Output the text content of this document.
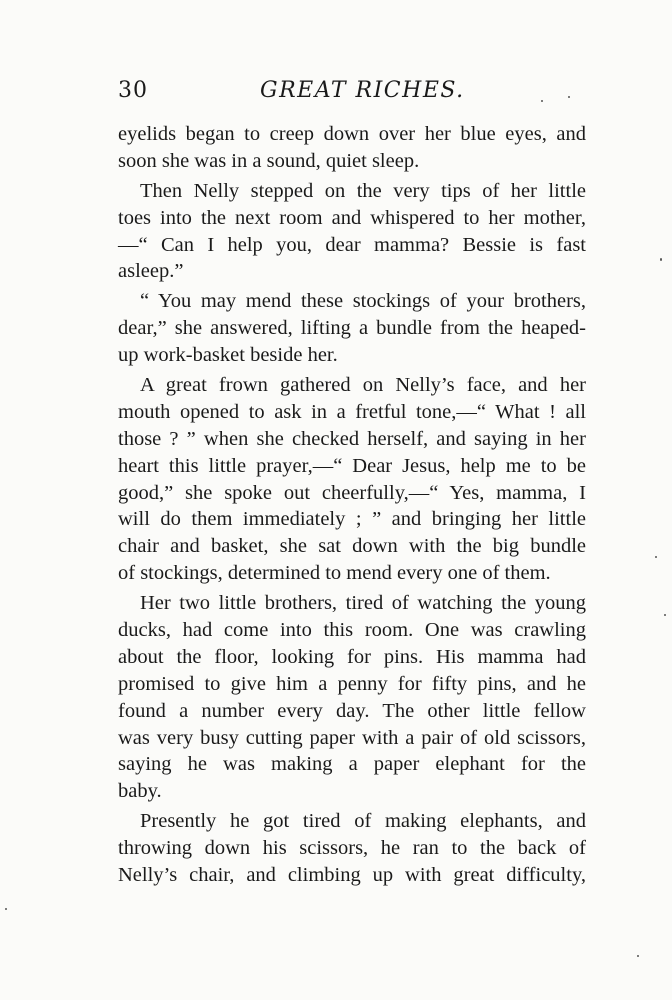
30	GREAT RICHES.
eyelids began to creep down over her blue eyes, and
soon she was in a sound, quiet sleep.
Then Nelly stepped on the very tips of her little
toes into the next room and whispered to her mother,
—“ Can I help you, dear mamma? Bessie is fast
asleep.”
“ You may mend these stockings of your brothers,
dear,” she answered, lifting a bundle from the heaped-
up work-basket beside her.
A great frown gathered on Nelly’s face, and her
mouth opened to ask in a fretful tone,—“ What ! all
those ? ” when she checked herself, and saying in her
heart this little prayer,—“ Dear Jesus, help me to be
good,” she spoke out cheerfully,—“ Yes, mamma, I
will do them immediately ; ” and bringing her little
chair and basket, she sat down with the big bundle
of stockings, determined to mend every one of them.
Her two little brothers, tired of watching the young
ducks, had come into this room. One was crawling
about the floor, looking for pins. His mamma had
promised to give him a penny for fifty pins, and he
found a number every day. The other little fellow
was very busy cutting paper with a pair of old scissors,
saying he was making a paper elephant for the
baby.
Presently he got tired of making elephants, and
throwing down his scissors, he ran to the back of
Nelly’s chair, and climbing up with great difficulty,
